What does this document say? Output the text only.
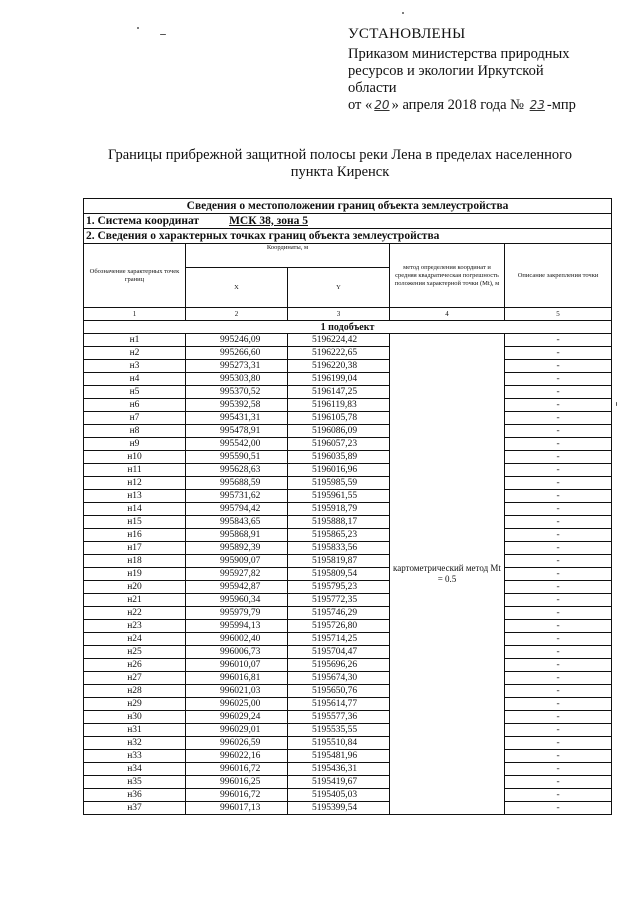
УСТАНОВЛЕНЫ
Приказом министерства природных
ресурсов и экологии Иркутской
области
от « 20 » апреля 2018 года № 23 -мпр
Границы прибрежной защитной полосы реки Лена в пределах населенного пункта Киренск
Сведения о местоположении границ объекта землеустройства				
1. Система координат МСК 38, зона 5				
2. Сведения о характерных точках границ объекта землеустройства				
Обозначение характерных точек границ	Координаты, м		метод определения координат и средняя квадратическая погрешность положения характерной точки (Mt), м	Описание закрепления точки
	X	Y		
1	2	3	4	5
1 подобъект				
н1	995246,09	5196224,42	картометрический метод Mt = 0.5	-
н2	995266,60	5196222,65		-
н3	995273,31	5196220,38		-
н4	995303,80	5196199,04		-
н5	995370,52	5196147,25		-
н6	995392,58	5196119,83		-
н7	995431,31	5196105,78		-
н8	995478,91	5196086,09		-
н9	995542,00	5196057,23		-
н10	995590,51	5196035,89		-
н11	995628,63	5196016,96		-
н12	995688,59	5195985,59		-
н13	995731,62	5195961,55		-
н14	995794,42	5195918,79		-
н15	995843,65	5195888,17		-
н16	995868,91	5195865,23		-
н17	995892,39	5195833,56		-
н18	995909,07	5195819,87		-
н19	995927,82	5195809,54		-
н20	995942,87	5195795,23		-
н21	995960,34	5195772,35		-
н22	995979,79	5195746,29		-
н23	995994,13	5195726,80		-
н24	996002,40	5195714,25		-
н25	996006,73	5195704,47		-
н26	996010,07	5195696,26		-
н27	996016,81	5195674,30		-
н28	996021,03	5195650,76		-
н29	996025,00	5195614,77		-
н30	996029,24	5195577,36		-
н31	996029,01	5195535,55		-
н32	996026,59	5195510,84		-
н33	996022,16	5195481,96		-
н34	996016,72	5195436,31		-
н35	996016,25	5195419,67		-
н36	996016,72	5195405,03		-
н37	996017,13	5195399,54		-
